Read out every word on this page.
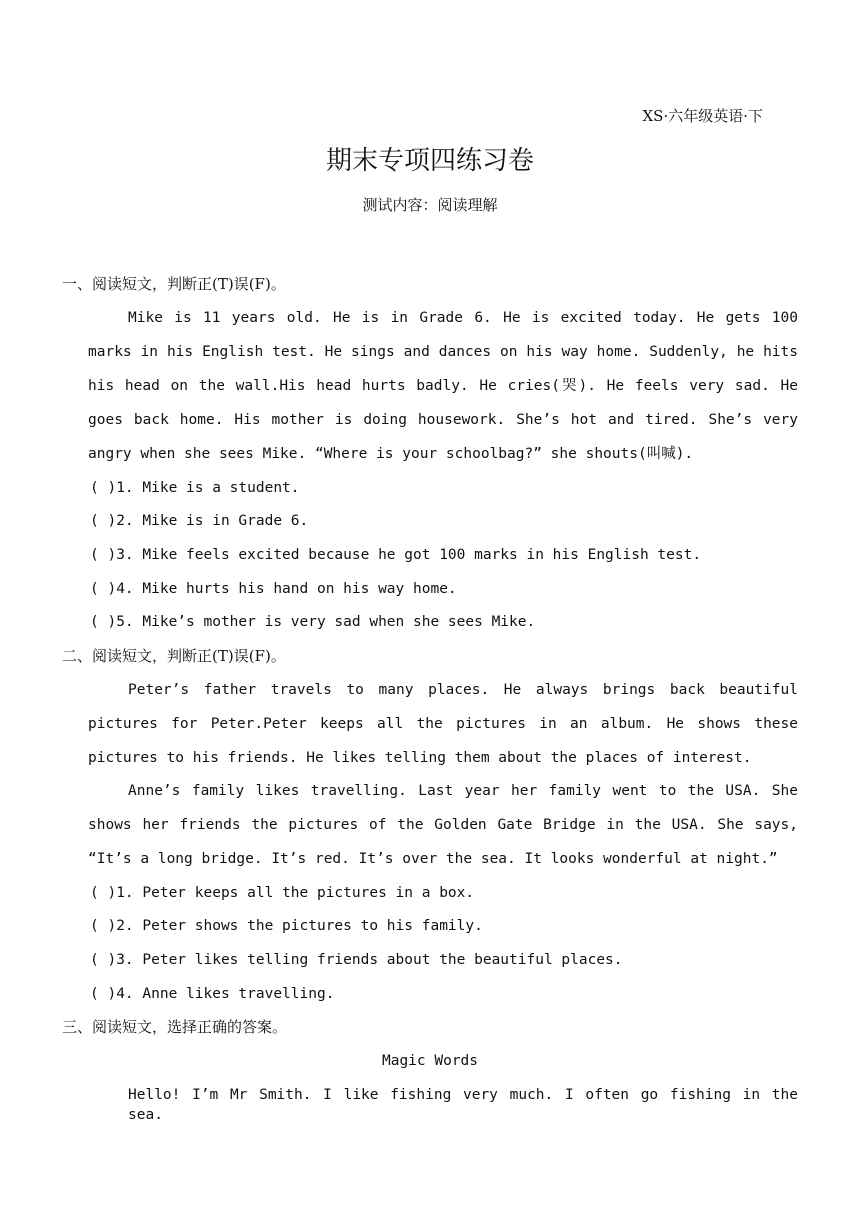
XS·六年级英语·下
期末专项四练习卷
测试内容：阅读理解
一、阅读短文，判断正(T)误(F)。
Mike is 11 years old. He is in Grade 6. He is excited today. He gets 100
marks in his English test. He sings and dances on his way home. Suddenly, he hits
his head on the wall.His head hurts badly. He cries(哭). He feels very sad. He
goes back home. His mother is doing housework. She’s hot and tired. She’s very
angry when she sees Mike. “Where is your schoolbag?” she shouts(叫喊).
( )1. Mike is a student.
( )2. Mike is in Grade 6.
( )3. Mike feels excited because he got 100 marks in his English test.
( )4. Mike hurts his hand on his way home.
( )5. Mike’s mother is very sad when she sees Mike.
二、阅读短文，判断正(T)误(F)。
Peter’s father travels to many places. He always brings back beautiful
pictures for Peter.Peter keeps all the pictures in an album. He shows these
pictures to his friends. He likes telling them about the places of interest.
Anne’s family likes travelling. Last year her family went to the USA. She
shows her friends the pictures of the Golden Gate Bridge in the USA. She says,
“It’s a long bridge. It’s red. It’s over the sea. It looks wonderful at night.”
( )1. Peter keeps all the pictures in a box.
( )2. Peter shows the pictures to his family.
( )3. Peter likes telling friends about the beautiful places.
( )4. Anne likes travelling.
三、阅读短文，选择正确的答案。
Magic Words
Hello! I’m Mr Smith. I like fishing very much. I often go fishing in the sea.
